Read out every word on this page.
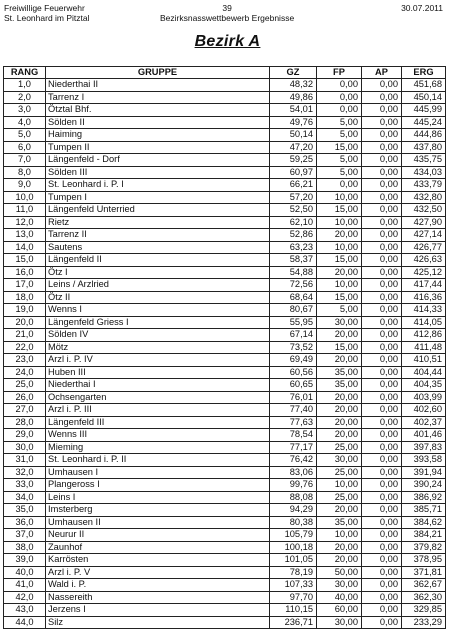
Freiwillige Feuerwehr
St. Leonhard im Pitztal
39
Bezirksnasswettbewerb Ergebnisse
30.07.2011
Bezirk A
RANG	GRUPPE	GZ	FP	AP	ERG
1,0	Niederthai II	48,32	0,00	0,00	451,68
2,0	Tarrenz I	49,86	0,00	0,00	450,14
3,0	Ötztal Bhf.	54,01	0,00	0,00	445,99
4,0	Sölden II	49,76	5,00	0,00	445,24
5,0	Haiming	50,14	5,00	0,00	444,86
6,0	Tumpen II	47,20	15,00	0,00	437,80
7,0	Längenfeld - Dorf	59,25	5,00	0,00	435,75
8,0	Sölden III	60,97	5,00	0,00	434,03
9,0	St. Leonhard i. P. I	66,21	0,00	0,00	433,79
10,0	Tumpen I	57,20	10,00	0,00	432,80
11,0	Längenfeld Unterried	52,50	15,00	0,00	432,50
12,0	Rietz	62,10	10,00	0,00	427,90
13,0	Tarrenz II	52,86	20,00	0,00	427,14
14,0	Sautens	63,23	10,00	0,00	426,77
15,0	Längenfeld II	58,37	15,00	0,00	426,63
16,0	Ötz I	54,88	20,00	0,00	425,12
17,0	Leins / Arzlried	72,56	10,00	0,00	417,44
18,0	Ötz II	68,64	15,00	0,00	416,36
19,0	Wenns I	80,67	5,00	0,00	414,33
20,0	Längenfeld Griess I	55,95	30,00	0,00	414,05
21,0	Sölden IV	67,14	20,00	0,00	412,86
22,0	Mötz	73,52	15,00	0,00	411,48
23,0	Arzl i. P. IV	69,49	20,00	0,00	410,51
24,0	Huben III	60,56	35,00	0,00	404,44
25,0	Niederthai I	60,65	35,00	0,00	404,35
26,0	Ochsengarten	76,01	20,00	0,00	403,99
27,0	Arzl i. P. III	77,40	20,00	0,00	402,60
28,0	Längenfeld III	77,63	20,00	0,00	402,37
29,0	Wenns III	78,54	20,00	0,00	401,46
30,0	Mieming	77,17	25,00	0,00	397,83
31,0	St. Leonhard i. P. II	76,42	30,00	0,00	393,58
32,0	Umhausen I	83,06	25,00	0,00	391,94
33,0	Plangeross I	99,76	10,00	0,00	390,24
34,0	Leins I	88,08	25,00	0,00	386,92
35,0	Imsterberg	94,29	20,00	0,00	385,71
36,0	Umhausen II	80,38	35,00	0,00	384,62
37,0	Neurur II	105,79	10,00	0,00	384,21
38,0	Zaunhof	100,18	20,00	0,00	379,82
39,0	Karrösten	101,05	20,00	0,00	378,95
40,0	Arzl i. P. V	78,19	50,00	0,00	371,81
41,0	Wald i. P.	107,33	30,00	0,00	362,67
42,0	Nassereith	97,70	40,00	0,00	362,30
43,0	Jerzens I	110,15	60,00	0,00	329,85
44,0	Silz	236,71	30,00	0,00	233,29
